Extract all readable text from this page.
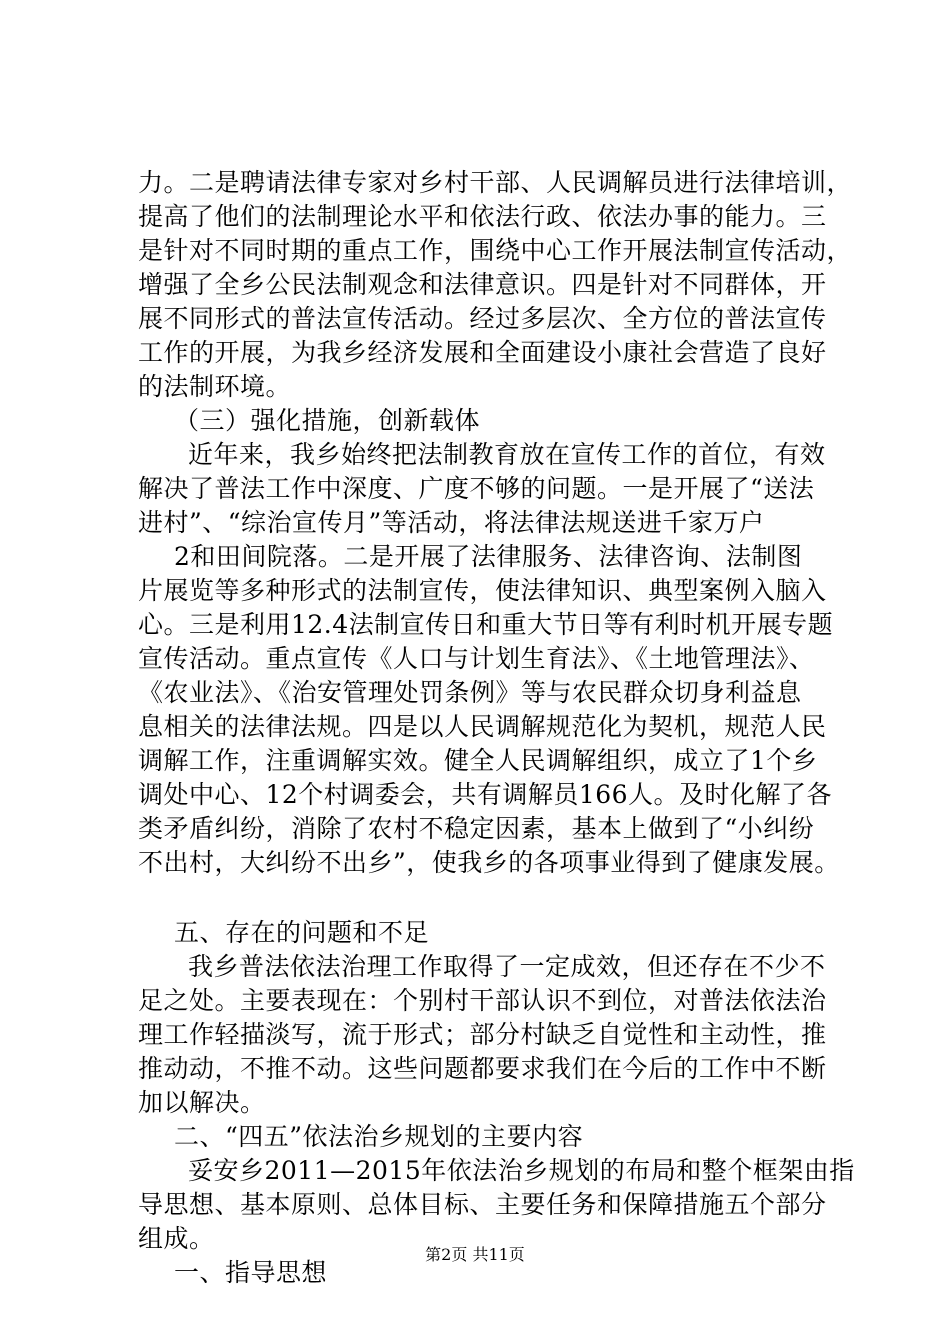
力。二是聘请法律专家对乡村干部、人民调解员进行法律培训，
提高了他们的法制理论水平和依法行政、依法办事的能力。三
是针对不同时期的重点工作，围绕中心工作开展法制宣传活动，
增强了全乡公民法制观念和法律意识。四是针对不同群体，开
展不同形式的普法宣传活动。经过多层次、全方位的普法宣传
工作的开展，为我乡经济发展和全面建设小康社会营造了良好
的法制环境。
（三）强化措施，创新载体
近年来，我乡始终把法制教育放在宣传工作的首位，有效
解决了普法工作中深度、广度不够的问题。一是开展了“送法
进村”、“综治宣传月”等活动，将法律法规送进千家万户
2和田间院落。二是开展了法律服务、法律咨询、法制图
片展览等多种形式的法制宣传，使法律知识、典型案例入脑入
心。三是利用12.4法制宣传日和重大节日等有利时机开展专题
宣传活动。重点宣传《人口与计划生育法》、《土地管理法》、
《农业法》、《治安管理处罚条例》等与农民群众切身利益息
息相关的法律法规。四是以人民调解规范化为契机，规范人民
调解工作，注重调解实效。健全人民调解组织，成立了1个乡
调处中心、12个村调委会，共有调解员166人。及时化解了各
类矛盾纠纷，消除了农村不稳定因素，基本上做到了“小纠纷
不出村，大纠纷不出乡”，使我乡的各项事业得到了健康发展。
五、存在的问题和不足
我乡普法依法治理工作取得了一定成效，但还存在不少不
足之处。主要表现在：个别村干部认识不到位，对普法依法治
理工作轻描淡写，流于形式；部分村缺乏自觉性和主动性，推
推动动，不推不动。这些问题都要求我们在今后的工作中不断
加以解决。
二、“四五”依法治乡规划的主要内容
妥安乡2011—2015年依法治乡规划的布局和整个框架由指
导思想、基本原则、总体目标、主要任务和保障措施五个部分
组成。
一、指导思想
第2页 共11页
